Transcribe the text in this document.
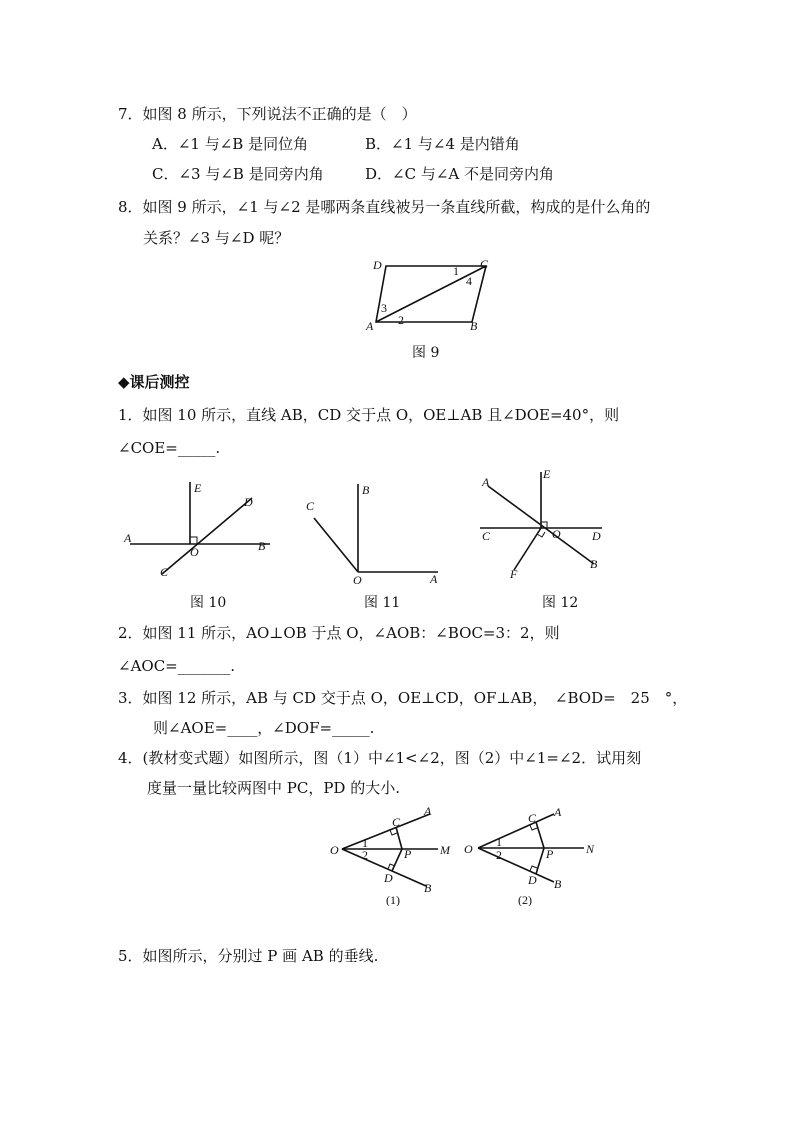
7．如图 8 所示，下列说法不正确的是（　）
A．∠1 与∠B 是同位角	B．∠1 与∠4 是内错角
C．∠3 与∠B 是同旁内角	D．∠C 与∠A 不是同旁内角
8．如图 9 所示，∠1 与∠2 是哪两条直线被另一条直线所截，构成的是什么角的
关系？∠3 与∠D 呢？
D	C
A	B
1
2
3
4
图 9
◆课后测控
1．如图 10 所示，直线 AB，CD 交于点 O，OE⊥AB 且∠DOE=40°，则
∠COE=_____.
E
D
A
O	B
C
图 10
C
B
O	A
图 11
A
E
C	O	D
F
B
图 12
2．如图 11 所示，AO⊥OB 于点 O，∠AOB：∠BOC=3：2，则
∠AOC=_______.
3．如图 12 所示，AB 与 CD 交于点 O，OE⊥CD，OF⊥AB，　∠BOD=　25　°，
则∠AOE=____，∠DOF=_____.
4．(教材变式题）如图所示，图（1）中∠1<∠2，图（2）中∠1=∠2．试用刻
度量一量比较两图中 PC，PD 的大小.
O
C
A
1
2	P M
D
B
(1)
O
C A
1
2	P	N
D B
(2)
5．如图所示，分别过 P 画 AB 的垂线.
